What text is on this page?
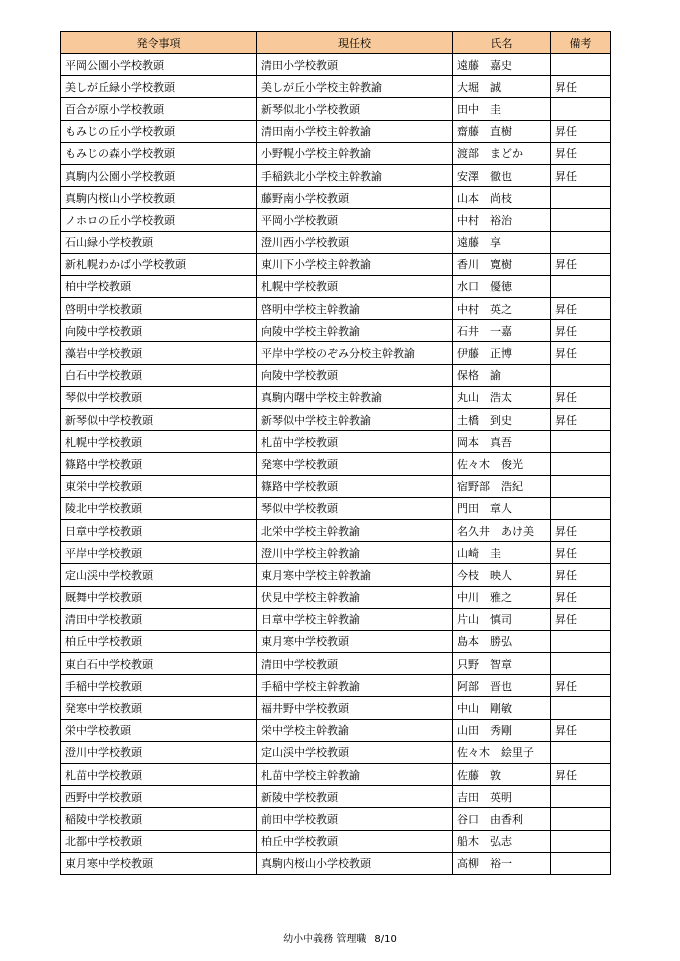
発令事項	現任校	氏名	備考
平岡公園小学校教頭	清田小学校教頭	遠藤　嘉史	
美しが丘緑小学校教頭	美しが丘小学校主幹教諭	大堀　誠	昇任
百合が原小学校教頭	新琴似北小学校教頭	田中　圭	
もみじの丘小学校教頭	清田南小学校主幹教諭	齋藤　直樹	昇任
もみじの森小学校教頭	小野幌小学校主幹教諭	渡部　まどか	昇任
真駒内公園小学校教頭	手稲鉄北小学校主幹教諭	安澤　徹也	昇任
真駒内桜山小学校教頭	藤野南小学校教頭	山本　尚枝	
ノホロの丘小学校教頭	平岡小学校教頭	中村　裕治	
石山緑小学校教頭	澄川西小学校教頭	遠藤　享	
新札幌わかば小学校教頭	東川下小学校主幹教諭	香川　寛樹	昇任
柏中学校教頭	札幌中学校教頭	水口　優徳	
啓明中学校教頭	啓明中学校主幹教諭	中村　英之	昇任
向陵中学校教頭	向陵中学校主幹教諭	石井　一嘉	昇任
藻岩中学校教頭	平岸中学校のぞみ分校主幹教諭	伊藤　正博	昇任
白石中学校教頭	向陵中学校教頭	保格　諭	
琴似中学校教頭	真駒内曙中学校主幹教諭	丸山　浩太	昇任
新琴似中学校教頭	新琴似中学校主幹教諭	土橋　到史	昇任
札幌中学校教頭	札苗中学校教頭	岡本　真吾	
篠路中学校教頭	発寒中学校教頭	佐々木　俊光	
東栄中学校教頭	篠路中学校教頭	宿野部　浩紀	
陵北中学校教頭	琴似中学校教頭	門田　章人	
日章中学校教頭	北栄中学校主幹教諭	名久井　あけ美	昇任
平岸中学校教頭	澄川中学校主幹教諭	山崎　圭	昇任
定山渓中学校教頭	東月寒中学校主幹教諭	今枝　映人	昇任
厩舞中学校教頭	伏見中学校主幹教諭	中川　雅之	昇任
清田中学校教頭	日章中学校主幹教諭	片山　慎司	昇任
柏丘中学校教頭	東月寒中学校教頭	島本　勝弘	
東白石中学校教頭	清田中学校教頭	只野　智章	
手稲中学校教頭	手稲中学校主幹教諭	阿部　晋也	昇任
発寒中学校教頭	福井野中学校教頭	中山　剛敏	
栄中学校教頭	栄中学校主幹教諭	山田　秀剛	昇任
澄川中学校教頭	定山渓中学校教頭	佐々木　絵里子	
札苗中学校教頭	札苗中学校主幹教諭	佐藤　敦	昇任
西野中学校教頭	新陵中学校教頭	吉田　英明	
稲陵中学校教頭	前田中学校教頭	谷口　由香利	
北都中学校教頭	柏丘中学校教頭	船木　弘志	
東月寒中学校教頭	真駒内桜山小学校教頭	高柳　裕一	
幼小中義務 管理職 8/10
